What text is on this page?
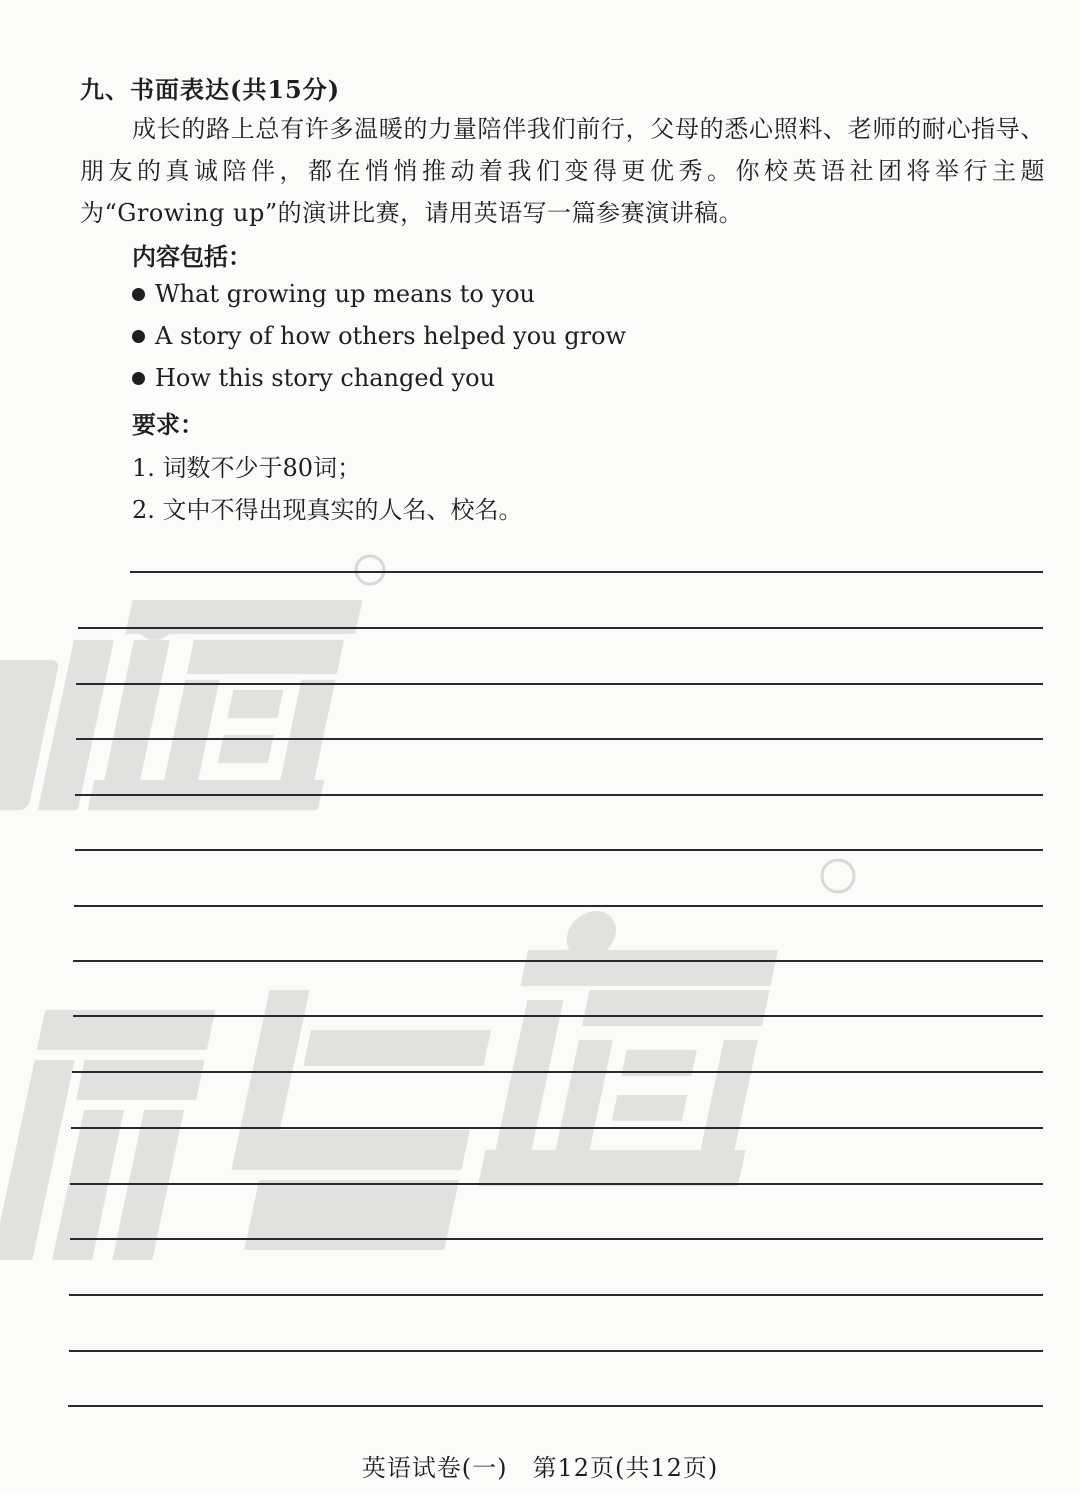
九、书面表达(共15分)
成长的路上总有许多温暖的力量陪伴我们前行，父母的悉心照料、老师的耐心指导、朋友的真诚陪伴，都在悄悄推动着我们变得更优秀。你校英语社团将举行主题为“Growing up”的演讲比赛，请用英语写一篇参赛演讲稿。
内容包括：
What growing up means to you
A story of how others helped you grow
How this story changed you
要求：
1. 词数不少于80词；
2. 文中不得出现真实的人名、校名。
英语试卷(一)　第12页(共12页)
